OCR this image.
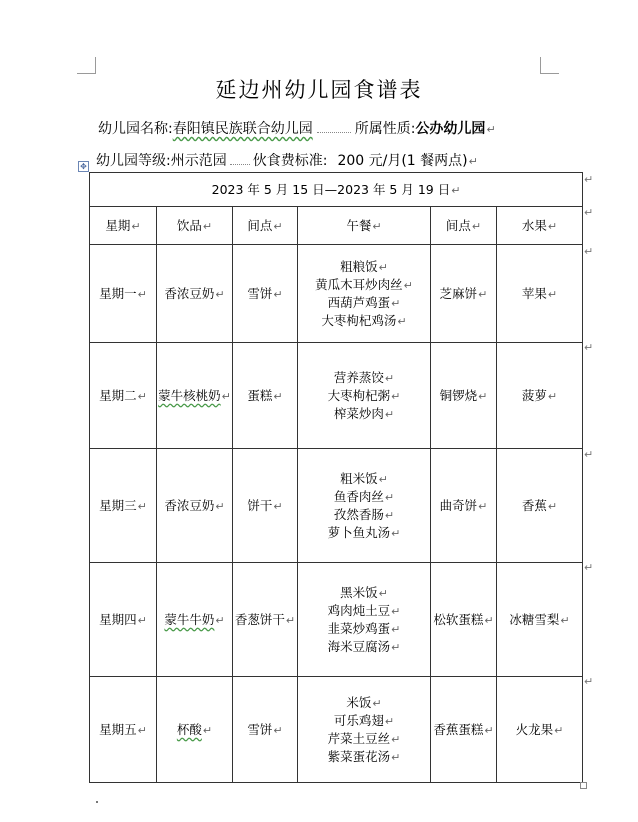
延边州幼儿园食谱表
幼儿园名称:春阳镇民族联合幼儿园	所属性质:公办幼儿园↵
幼儿园等级:州示范园 伙食费标准: 200 元/月(1 餐两点)↵
✥
2023 年 5 月 15 日—2023 年 5 月 19 日↵					
星期↵	饮品↵	间点↵	午餐↵	间点↵	水果↵
星期一↵	香浓豆奶↵	雪饼↵	粗粮饭↵
黄瓜木耳炒肉丝↵
西葫芦鸡蛋↵
大枣枸杞鸡汤↵	芝麻饼↵	苹果↵
星期二↵	蒙牛核桃奶↵	蛋糕↵	营养蒸饺↵
大枣枸杞粥↵
榨菜炒肉↵	铜锣烧↵	菠萝↵
星期三↵	香浓豆奶↵	饼干↵	粗米饭↵
鱼香肉丝↵
孜然香肠↵
萝卜鱼丸汤↵	曲奇饼↵	香蕉↵
星期四↵	蒙牛牛奶↵	香葱饼干↵	黑米饭↵
鸡肉炖土豆↵
韭菜炒鸡蛋↵
海米豆腐汤↵	松软蛋糕↵	冰糖雪梨↵
星期五↵	杯酸↵	雪饼↵	米饭↵
可乐鸡翅↵
芹菜土豆丝↵
紫菜蛋花汤↵	香蕉蛋糕↵	火龙果↵
↵
↵
↵
↵
↵
↵
↵
